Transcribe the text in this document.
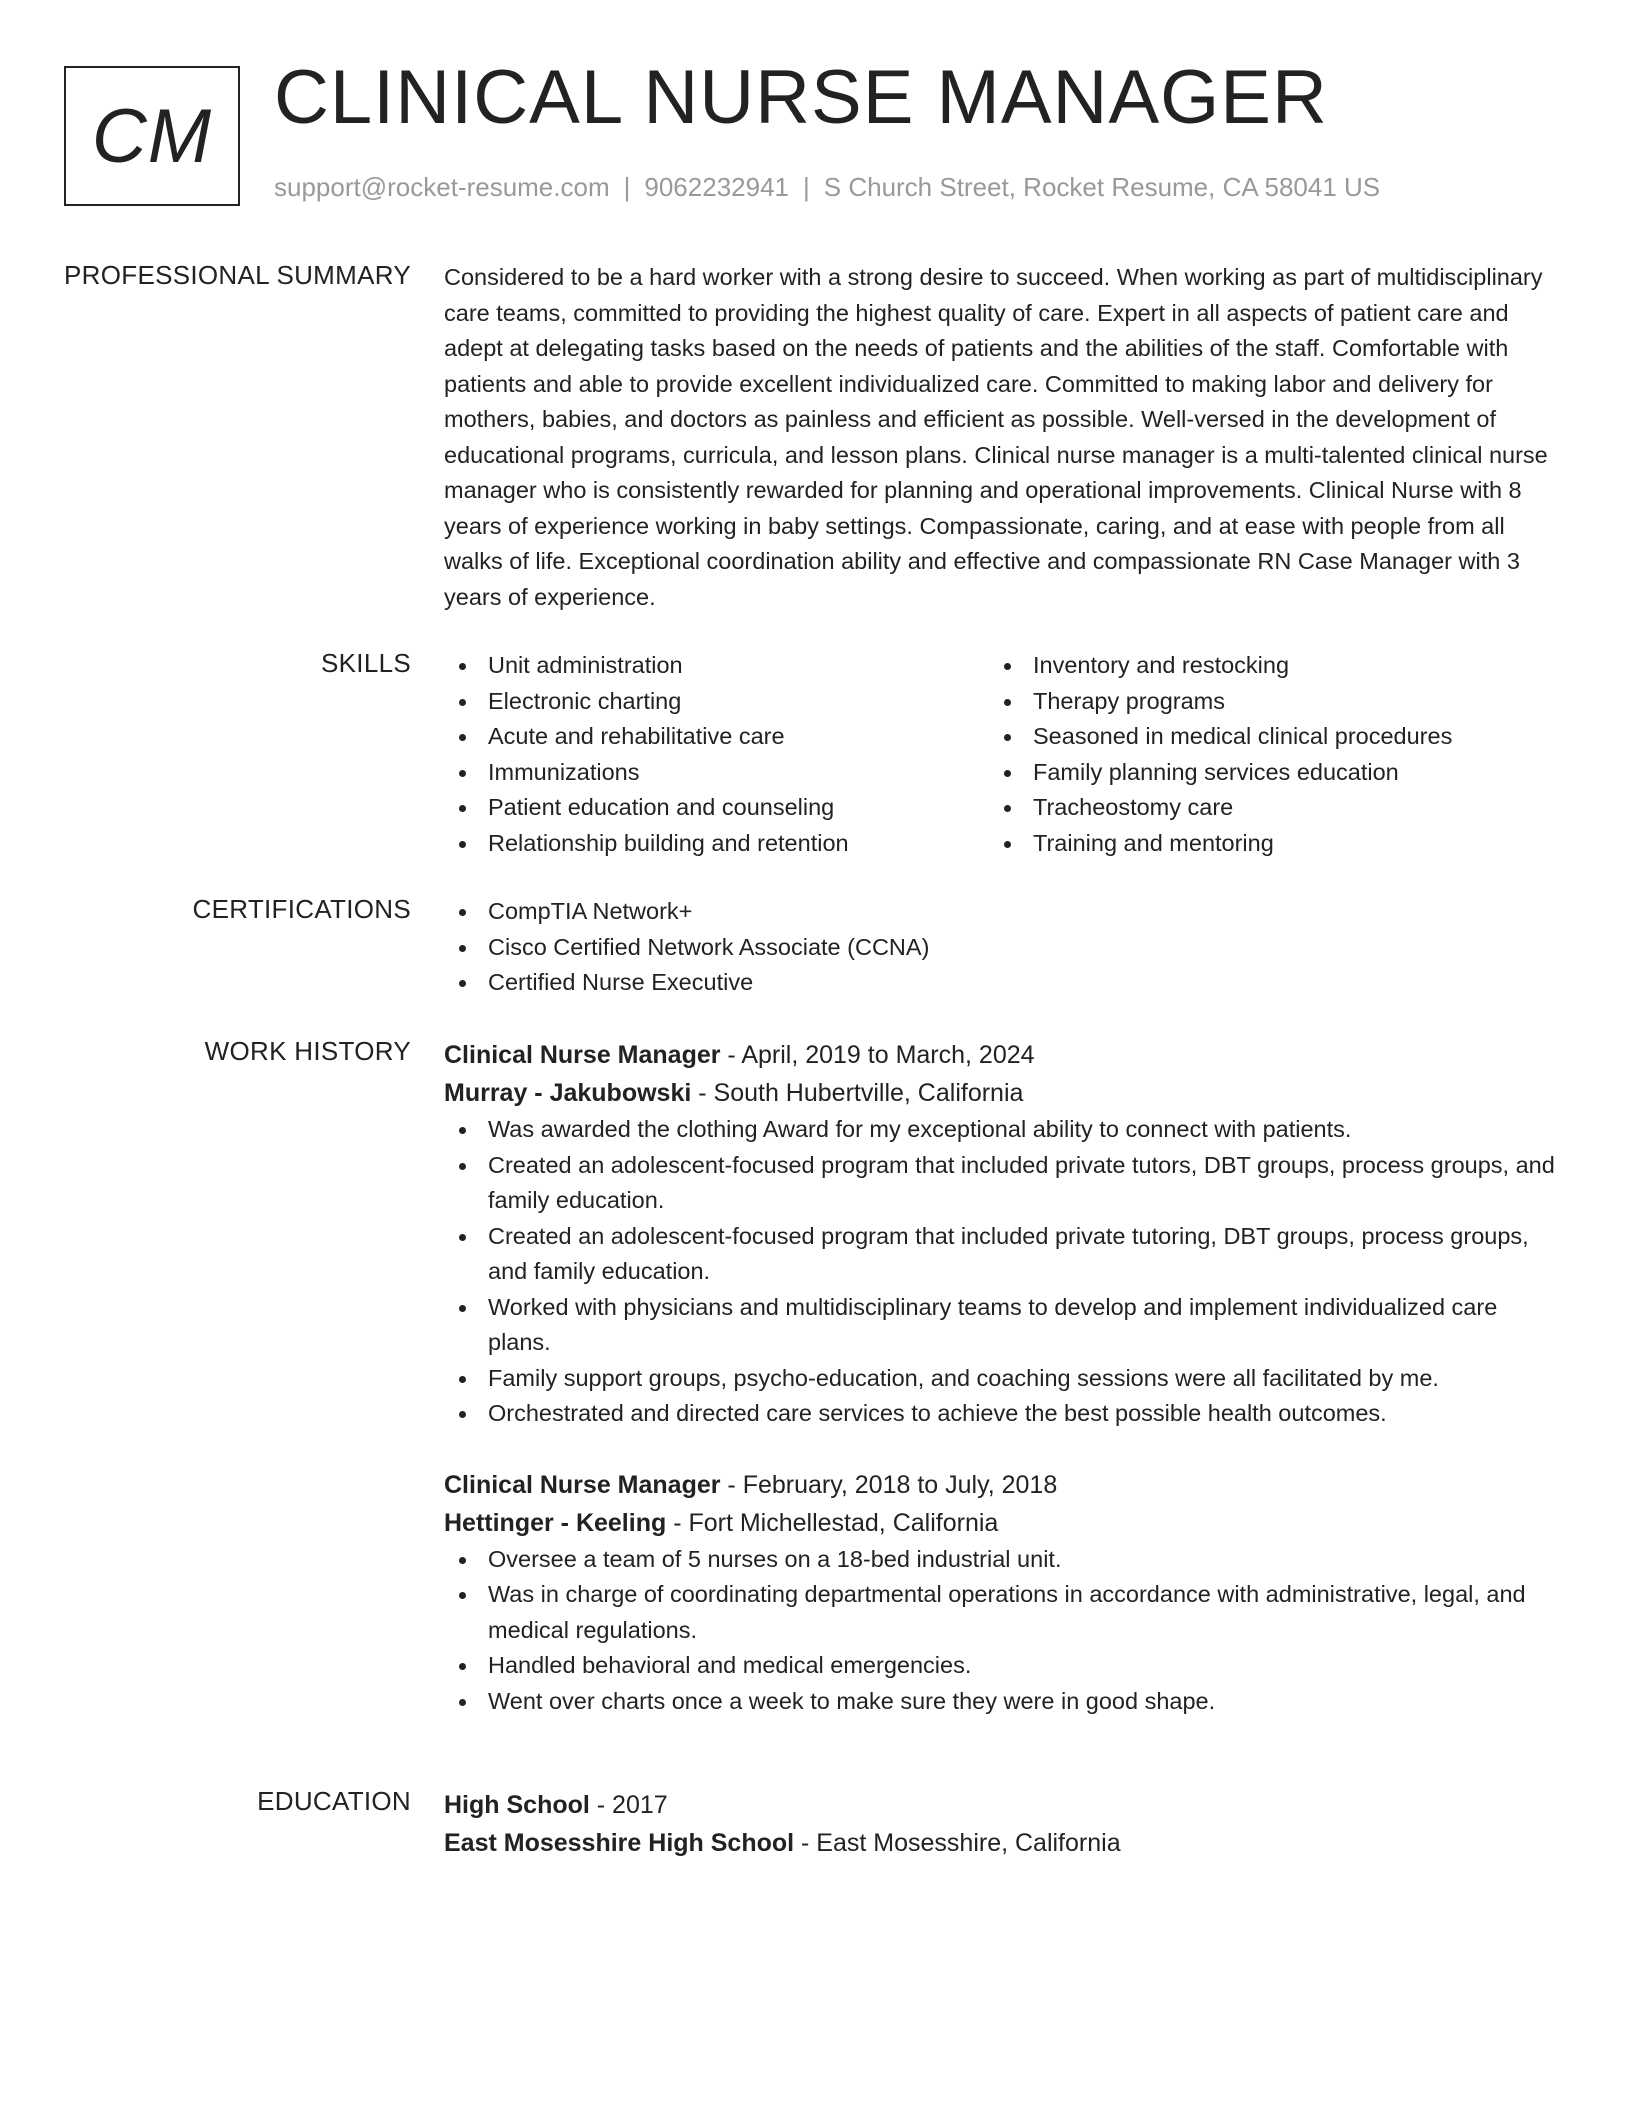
CM CLINICAL NURSE MANAGER
support@rocket-resume.com | 9062232941 | S Church Street, Rocket Resume, CA 58041 US
PROFESSIONAL SUMMARY Considered to be a hard worker with a strong desire to succeed. When working as part of multidisciplinary care teams, committed to providing the highest quality of care. Expert in all aspects of patient care and adept at delegating tasks based on the needs of patients and the abilities of the staff. Comfortable with patients and able to provide excellent individualized care. Committed to making labor and delivery for mothers, babies, and doctors as painless and efficient as possible. Well-versed in the development of educational programs, curricula, and lesson plans. Clinical nurse manager is a multi-talented clinical nurse manager who is consistently rewarded for planning and operational improvements. Clinical Nurse with 8 years of experience working in baby settings. Compassionate, caring, and at ease with people from all walks of life. Exceptional coordination ability and effective and compassionate RN Case Manager with 3 years of experience.

SKILLS	Unit administration
Electronic charting
Acute and rehabilitative care
Immunizations
Patient education and counseling
Relationship building and retention
Inventory and restocking
Therapy programs
Seasoned in medical clinical procedures
Family planning services education
Tracheostomy care
Training and mentoring
CERTIFICATIONS	CompTIA Network+
Cisco Certified Network Associate (CCNA)
Certified Nurse Executive
WORK HISTORY Clinical Nurse Manager - April, 2019 to March, 2024
Murray - Jakubowski - South Hubertville, California
Was awarded the clothing Award for my exceptional ability to connect with patients.
Created an adolescent-focused program that included private tutors, DBT groups, process groups, and family education.
Created an adolescent-focused program that included private tutoring, DBT groups, process groups, and family education.
Worked with physicians and multidisciplinary teams to develop and implement individualized care plans.
Family support groups, psycho-education, and coaching sessions were all facilitated by me.
Orchestrated and directed care services to achieve the best possible health outcomes.
Clinical Nurse Manager - February, 2018 to July, 2018
Hettinger - Keeling - Fort Michellestad, California
Oversee a team of 5 nurses on a 18-bed industrial unit.
Was in charge of coordinating departmental operations in accordance with administrative, legal, and medical regulations.
Handled behavioral and medical emergencies.
Went over charts once a week to make sure they were in good shape.
EDUCATION High School - 2017
East Mosesshire High School - East Mosesshire, California
